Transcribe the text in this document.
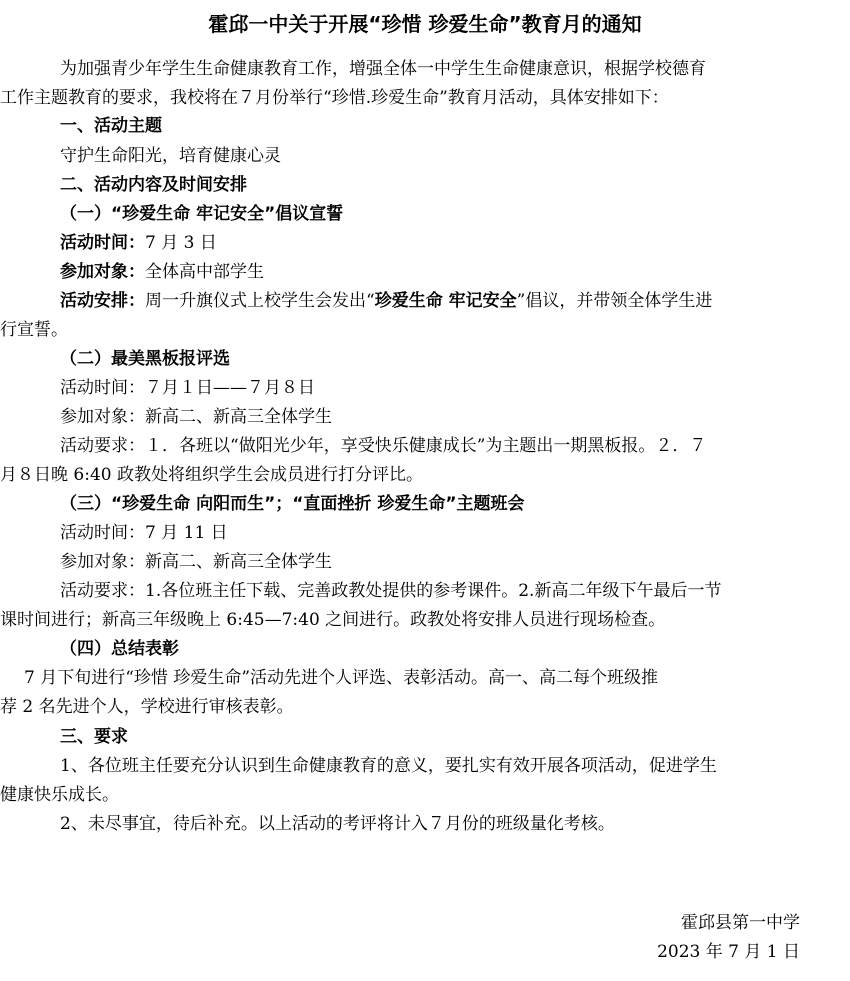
霍邱一中关于开展“珍惜 珍爱生命”教育月的通知
为加强青少年学生生命健康教育工作，增强全体一中学生生命健康意识，根据学校德育
工作主题教育的要求，我校将在７月份举行“珍惜.珍爱生命”教育月活动，具体安排如下：
一、活动主题
守护生命阳光，培育健康心灵
二、活动内容及时间安排
（一）“珍爱生命 牢记安全”倡议宣誓
活动时间：7 月 3 日
参加对象：全体高中部学生
活动安排：周一升旗仪式上校学生会发出“珍爱生命 牢记安全”倡议，并带领全体学生进
行宣誓。
（二）最美黑板报评选
活动时间：７月１日——７月８日
参加对象：新高二、新高三全体学生
活动要求：１．各班以“做阳光少年，享受快乐健康成长”为主题出一期黑板报。２．７
月８日晚 6:40 政教处将组织学生会成员进行打分评比。
（三）“珍爱生命 向阳而生”；“直面挫折 珍爱生命”主题班会
活动时间：7 月 11 日
参加对象：新高二、新高三全体学生
活动要求：1.各位班主任下载、完善政教处提供的参考课件。2.新高二年级下午最后一节
课时间进行；新高三年级晚上 6:45—7:40 之间进行。政教处将安排人员进行现场检查。
（四）总结表彰
7 月下旬进行“珍惜 珍爱生命”活动先进个人评选、表彰活动。高一、高二每个班级推
荐 2 名先进个人，学校进行审核表彰。
三、要求
1、各位班主任要充分认识到生命健康教育的意义，要扎实有效开展各项活动，促进学生
健康快乐成长。
2、未尽事宜，待后补充。以上活动的考评将计入７月份的班级量化考核。
霍邱县第一中学
2023 年 7 月 1 日
